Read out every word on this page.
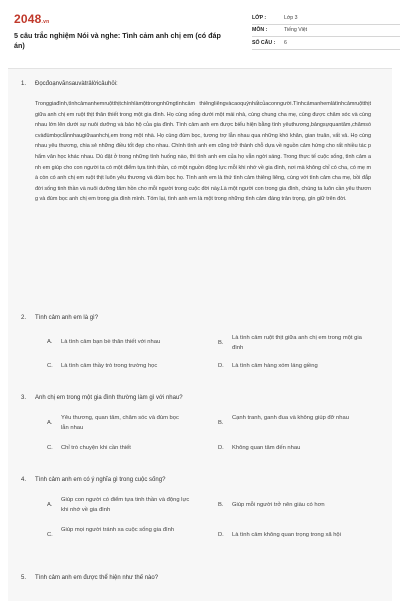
2048.vn
5 câu trắc nghiệm Nói và nghe: Tình cảm anh chị em (có đáp án)
LỚP :	Lớp 3
MÔN :	Tiếng Việt
SỐ CÂU :	6
1. Đọcđoạnvănsauvàtrảlờicâuhỏi:
Tronggiađình,tìnhcảmanhemruộtthịtchínhlàmộttrongnhữngtìnhcảm thiêngliêngvàcaoquýnhấtcủaconngười.Tìnhcảmanhemlàtìnhcảmruộtthịt giữa anh chị em ruột thịt thân thiết trong một gia đình. Họ cùng sống dưới một mái nhà, cùng chung cha mẹ, cùng được chăm sóc và cùng nhau lớn lên dưới sự nuôi dưỡng và bảo hộ của gia đình. Tình cảm anh em được biểu hiện bằng tình yêuthương,bảngsựquantâm,chămsócvàđùmbọclẫnnhaugiữaanhchị,em trong một nhà. Họ cùng đùm bọc, tương trợ lẫn nhau qua những khó khăn, gian truân, vất vả. Họ cùng nhau yêu thương, chia sẻ những điều tốt đẹp cho nhau. Chính tình anh em cũng trở thành chỗ dựa về nguồn cảm hứng cho rất nhiều tác phẩm văn học khác nhau. Dù đặt ở trong những tình huống nào, thì tình anh em của họ vẫn ngời sáng. Trong thực tế cuộc sống, tình cảm anh em giúp cho con người ta có một điểm tựa tinh thần, có một nguồn động lực mỗi khi nhớ về gia đình, nơi mà không chỉ có cha, có mẹ mà còn có anh chị em ruột thịt luôn yêu thương và đùm bọc họ. Tình anh em là thứ tình cảm thiêng liêng, cùng với tình cảm cha mẹ, bồi đắp đời sống tinh thần và nuôi dưỡng tâm hồn cho mỗi người trong cuộc đời này.Là một người con trong gia đình, chúng ta luôn cần yêu thương và đùm bọc anh chị em trong gia đình mình. Tóm lại, tình anh em là một trong những tình cảm đáng trân trọng, gìn giữ trên đời.
2. Tình cảm anh em là gì?
A. Là tình cảm bạn bè thân thiết với nhau	B.
Là tình cảm ruột thịt giữa anh chị em trong một gia đình
C. Là tình cảm thầy trò trong trường học	D. Là tình cảm hàng xóm láng giềng
3. Anh chị em trong một gia đình thường làm gì với nhau?
A.
Yêu thương, quan tâm, chăm sóc và đùm bọc lẫn nhau
B.
Cạnh tranh, ganh đua và không giúp đỡ nhau
C. Chỉ trò chuyện khi cần thiết	D. Không quan tâm đến nhau
4. Tình cảm anh em có ý nghĩa gì trong cuộc sống?
A.
Giúp con người có điểm tựa tinh thần và động lực khi nhớ về gia đình
B. Giúp mỗi người trở nên giàu có hơn
C.
Giúp mọi người tránh xa cuộc sống gia đình
D. Là tình cảm không quan trọng trong xã hội
5. Tình cảm anh em được thể hiện như thế nào?
